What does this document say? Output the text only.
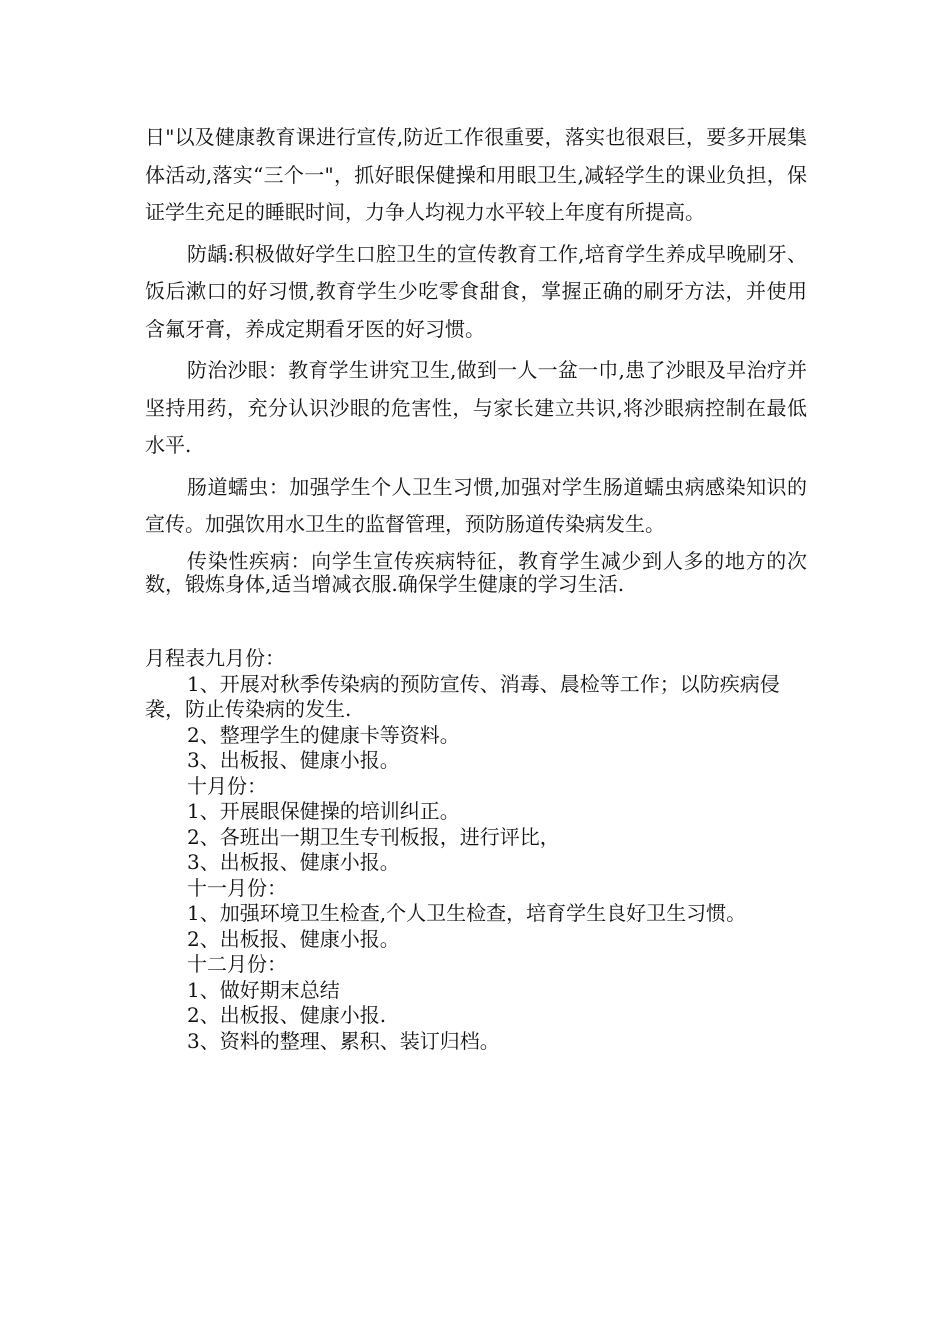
日"以及健康教育课进行宣传,防近工作很重要，落实也很艰巨，要多开展集体活动,落实“三个一"，抓好眼保健操和用眼卫生,减轻学生的课业负担，保证学生充足的睡眠时间，力争人均视力水平较上年度有所提高。

防龋:积极做好学生口腔卫生的宣传教育工作,培育学生养成早晚刷牙、饭后漱口的好习惯,教育学生少吃零食甜食，掌握正确的刷牙方法，并使用含氟牙膏，养成定期看牙医的好习惯。

防治沙眼：教育学生讲究卫生,做到一人一盆一巾,患了沙眼及早治疗并坚持用药，充分认识沙眼的危害性，与家长建立共识,将沙眼病控制在最低水平.

肠道蠕虫：加强学生个人卫生习惯,加强对学生肠道蠕虫病感染知识的宣传。加强饮用水卫生的监督管理，预防肠道传染病发生。

传染性疾病：向学生宣传疾病特征，教育学生减少到人多的地方的次数，锻炼身体,适当增减衣服.确保学生健康的学习生活.

月程表九月份：

1、开展对秋季传染病的预防宣传、消毒、晨检等工作；以防疾病侵袭，防止传染病的发生.

2、整理学生的健康卡等资料。

3、出板报、健康小报。

十月份：

1、开展眼保健操的培训纠正。

2、各班出一期卫生专刊板报，进行评比，

3、出板报、健康小报。

十一月份：

1、加强环境卫生检查,个人卫生检查，培育学生良好卫生习惯。

2、出板报、健康小报。

十二月份：

1、做好期末总结

2、出板报、健康小报.

3、资料的整理、累积、装订归档。
